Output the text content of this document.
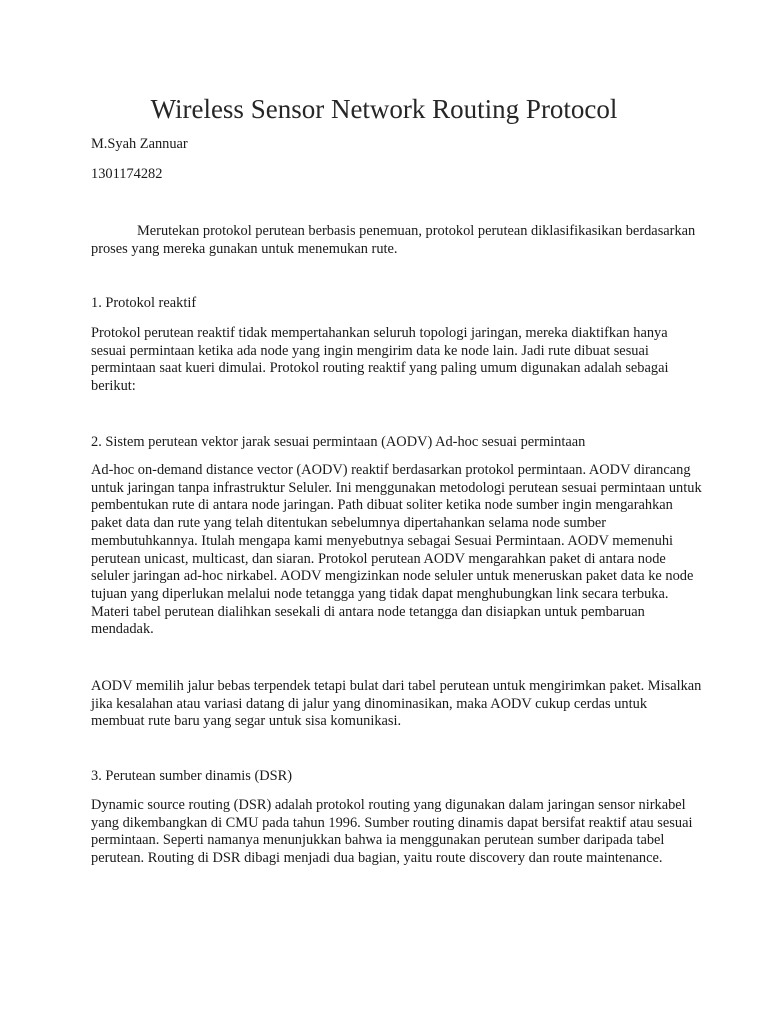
Wireless Sensor Network Routing Protocol
M.Syah Zannuar
1301174282
Merutekan protokol perutean berbasis penemuan, protokol perutean diklasifikasikan berdasarkan
proses yang mereka gunakan untuk menemukan rute.
1. Protokol reaktif
Protokol perutean reaktif tidak mempertahankan seluruh topologi jaringan, mereka diaktifkan hanya
sesuai permintaan ketika ada node yang ingin mengirim data ke node lain. Jadi rute dibuat sesuai
permintaan saat kueri dimulai. Protokol routing reaktif yang paling umum digunakan adalah sebagai
berikut:
2. Sistem perutean vektor jarak sesuai permintaan (AODV) Ad-hoc sesuai permintaan
Ad-hoc on-demand distance vector (AODV) reaktif berdasarkan protokol permintaan. AODV dirancang
untuk jaringan tanpa infrastruktur Seluler. Ini menggunakan metodologi perutean sesuai permintaan untuk
pembentukan rute di antara node jaringan. Path dibuat soliter ketika node sumber ingin mengarahkan
paket data dan rute yang telah ditentukan sebelumnya dipertahankan selama node sumber
membutuhkannya. Itulah mengapa kami menyebutnya sebagai Sesuai Permintaan. AODV memenuhi
perutean unicast, multicast, dan siaran. Protokol perutean AODV mengarahkan paket di antara node
seluler jaringan ad-hoc nirkabel. AODV mengizinkan node seluler untuk meneruskan paket data ke node
tujuan yang diperlukan melalui node tetangga yang tidak dapat menghubungkan link secara terbuka.
Materi tabel perutean dialihkan sesekali di antara node tetangga dan disiapkan untuk pembaruan
mendadak.
AODV memilih jalur bebas terpendek tetapi bulat dari tabel perutean untuk mengirimkan paket. Misalkan
jika kesalahan atau variasi datang di jalur yang dinominasikan, maka AODV cukup cerdas untuk
membuat rute baru yang segar untuk sisa komunikasi.
3. Perutean sumber dinamis (DSR)
Dynamic source routing (DSR) adalah protokol routing yang digunakan dalam jaringan sensor nirkabel
yang dikembangkan di CMU pada tahun 1996. Sumber routing dinamis dapat bersifat reaktif atau sesuai
permintaan. Seperti namanya menunjukkan bahwa ia menggunakan perutean sumber daripada tabel
perutean. Routing di DSR dibagi menjadi dua bagian, yaitu route discovery dan route maintenance.
